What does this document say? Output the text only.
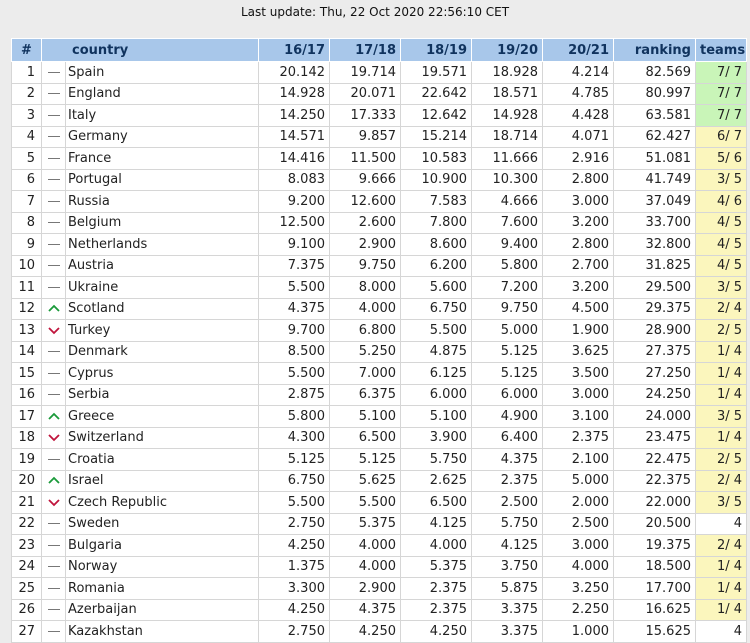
Last update: Thu, 22 Oct 2020 22:56:10 CET
#	country		16/17	17/18	18/19	19/20	20/21	ranking	teams
1		Spain	20.142	19.714	19.571	18.928	4.214	82.569	7/ 7
2		England	14.928	20.071	22.642	18.571	4.785	80.997	7/ 7
3		Italy	14.250	17.333	12.642	14.928	4.428	63.581	7/ 7
4		Germany	14.571	9.857	15.214	18.714	4.071	62.427	6/ 7
5		France	14.416	11.500	10.583	11.666	2.916	51.081	5/ 6
6		Portugal	8.083	9.666	10.900	10.300	2.800	41.749	3/ 5
7		Russia	9.200	12.600	7.583	4.666	3.000	37.049	4/ 6
8		Belgium	12.500	2.600	7.800	7.600	3.200	33.700	4/ 5
9		Netherlands	9.100	2.900	8.600	9.400	2.800	32.800	4/ 5
10		Austria	7.375	9.750	6.200	5.800	2.700	31.825	4/ 5
11		Ukraine	5.500	8.000	5.600	7.200	3.200	29.500	3/ 5
12		Scotland	4.375	4.000	6.750	9.750	4.500	29.375	2/ 4
13		Turkey	9.700	6.800	5.500	5.000	1.900	28.900	2/ 5
14		Denmark	8.500	5.250	4.875	5.125	3.625	27.375	1/ 4
15		Cyprus	5.500	7.000	6.125	5.125	3.500	27.250	1/ 4
16		Serbia	2.875	6.375	6.000	6.000	3.000	24.250	1/ 4
17		Greece	5.800	5.100	5.100	4.900	3.100	24.000	3/ 5
18		Switzerland	4.300	6.500	3.900	6.400	2.375	23.475	1/ 4
19		Croatia	5.125	5.125	5.750	4.375	2.100	22.475	2/ 5
20		Israel	6.750	5.625	2.625	2.375	5.000	22.375	2/ 4
21		Czech Republic	5.500	5.500	6.500	2.500	2.000	22.000	3/ 5
22		Sweden	2.750	5.375	4.125	5.750	2.500	20.500	4
23		Bulgaria	4.250	4.000	4.000	4.125	3.000	19.375	2/ 4
24		Norway	1.375	4.000	5.375	3.750	4.000	18.500	1/ 4
25		Romania	3.300	2.900	2.375	5.875	3.250	17.700	1/ 4
26		Azerbaijan	4.250	4.375	2.375	3.375	2.250	16.625	1/ 4
27		Kazakhstan	2.750	4.250	4.250	3.375	1.000	15.625	4
